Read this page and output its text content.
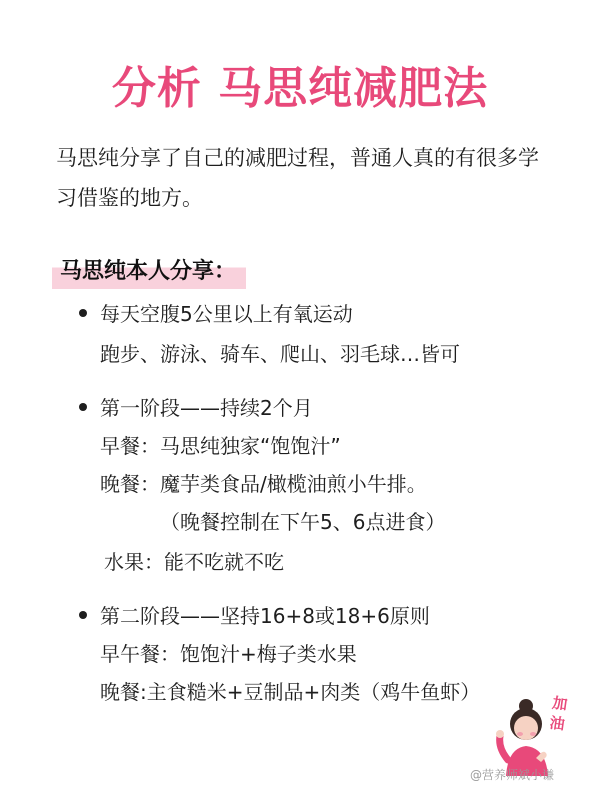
分析 马思纯减肥法
马思纯分享了自己的减肥过程，普通人真的有很多学习借鉴的地方。
马思纯本人分享：
每天空腹5公里以上有氧运动
跑步、游泳、骑车、爬山、羽毛球…皆可
第一阶段——持续2个月
早餐：马思纯独家“饱饱汁”
晚餐：魔芋类食品/橄榄油煎小牛排。
（晚餐控制在下午5、6点进食）
水果：能不吃就不吃
第二阶段——坚持16+8或18+6原则
早午餐：饱饱汁+梅子类水果
晚餐:主食糙米+豆制品+肉类（鸡牛鱼虾）	加油
@营养师斌小谦
